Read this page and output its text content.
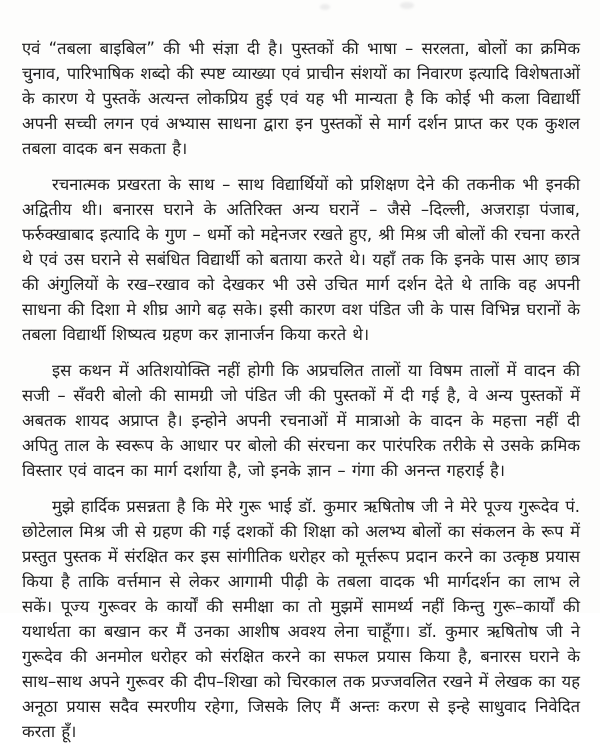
एवं “तबला बाइबिल” की भी संज्ञा दी है। पुस्तकों की भाषा – सरलता, बोलों का क्रमिक चुनाव, पारिभाषिक शब्दो की स्पष्ट व्याख्या एवं प्राचीन संशयों का निवारण इत्यादि विशेषताओं के कारण ये पुस्तकें अत्यन्त लोकप्रिय हुई एवं यह भी मान्यता है कि कोई भी कला विद्यार्थी अपनी सच्ची लगन एवं अभ्यास साधना द्वारा इन पुस्तकों से मार्ग दर्शन प्राप्त कर एक कुशल तबला वादक बन सकता है।

रचनात्मक प्रखरता के साथ – साथ विद्यार्थियों को प्रशिक्षण देने की तकनीक भी इनकी अद्वितीय थी। बनारस घराने के अतिरिक्त अन्य घरानें – जैसे –दिल्ली, अजराड़ा पंजाब, फर्रुक्खाबाद इत्यादि के गुण – धर्मो को मद्देनजर रखते हुए, श्री मिश्र जी बोलों की रचना करते थे एवं उस घराने से सबंधित विद्यार्थी को बताया करते थे। यहाँ तक कि इनके पास आए छात्र की अंगुलियों के रख–रखाव को देखकर भी उसे उचित मार्ग दर्शन देते थे ताकि वह अपनी साधना की दिशा मे शीघ्र आगे बढ़ सके। इसी कारण वश पंडित जी के पास विभिन्न घरानों के तबला विद्यार्थी शिष्यत्व ग्रहण कर ज्ञानार्जन किया करते थे।

इस कथन में अतिशयोक्ति नहीं होगी कि अप्रचलित तालों या विषम तालों में वादन की सजी – सँवरी बोलो की सामग्री जो पंडित जी की पुस्तकों में दी गई है, वे अन्य पुस्तकों में अबतक शायद अप्राप्त है। इन्होने अपनी रचनाओं में मात्राओ के वादन के महत्ता नहीं दी अपितु ताल के स्वरूप के आधार पर बोलो की संरचना कर पारंपरिक तरीके से उसके क्रमिक विस्तार एवं वादन का मार्ग दर्शाया है, जो इनके ज्ञान – गंगा की अनन्त गहराई है।

मुझे हार्दिक प्रसन्नता है कि मेरे गुरू भाई डॉ. कुमार ऋषितोष जी ने मेरे पूज्य गुरूदेव पं. छोटेलाल मिश्र जी से ग्रहण की गई दशकों की शिक्षा को अलभ्य बोलों का संकलन के रूप में प्रस्तुत पुस्तक में संरक्षित कर इस सांगीतिक धरोहर को मूर्त्तरूप प्रदान करने का उत्कृष्ठ प्रयास किया है ताकि वर्त्तमान से लेकर आगामी पीढ़ी के तबला वादक भी मार्गदर्शन का लाभ ले सकें। पूज्य गुरूवर के कार्यों की समीक्षा का तो मुझमें सामर्थ्य नहीं किन्तु गुरू–कार्यों की यथार्थता का बखान कर मैं उनका आशीष अवश्य लेना चाहूँगा। डॉ. कुमार ऋषितोष जी ने गुरूदेव की अनमोल धरोहर को संरक्षित करने का सफल प्रयास किया है, बनारस घराने के साथ–साथ अपने गुरूवर की दीप–शिखा को चिरकाल तक प्रज्जवलित रखने में लेखक का यह अनूठा प्रयास सदैव स्मरणीय रहेगा, जिसके लिए मैं अन्तः करण से इन्हे साधुवाद निवेदित करता हूँ।
